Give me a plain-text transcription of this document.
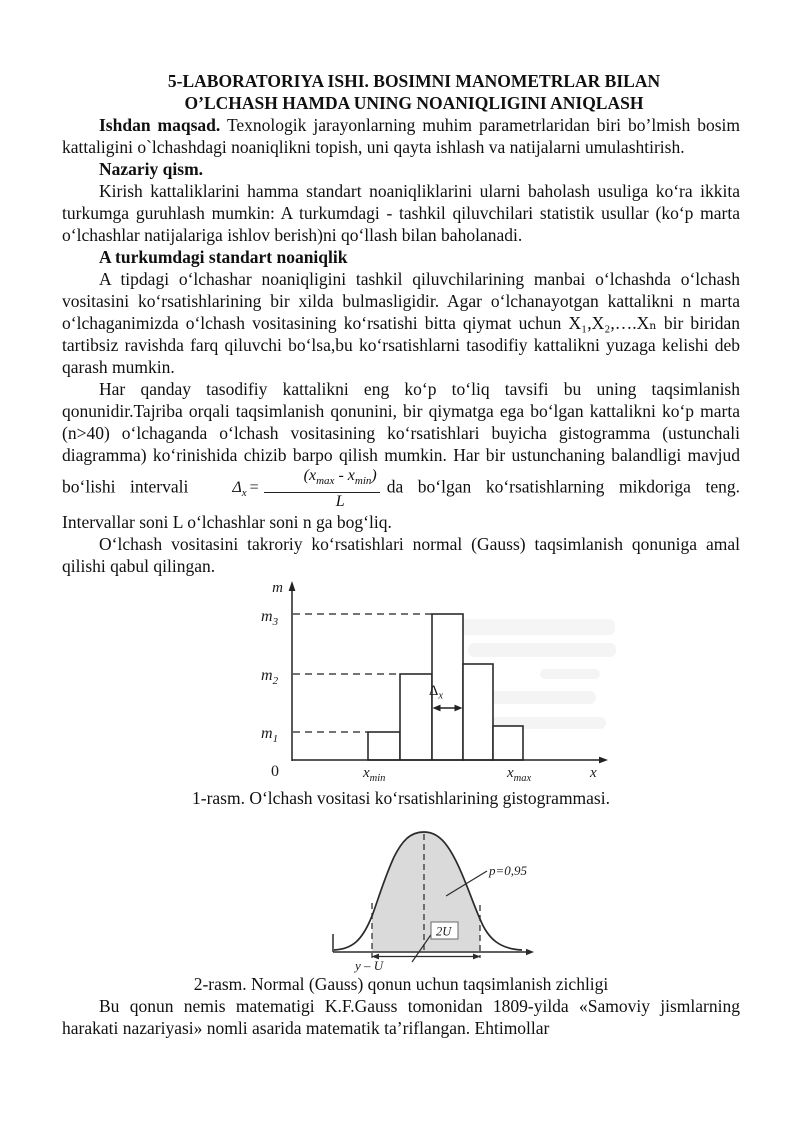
5-LABORATORIYA ISHI. BOSIMNI MANOMETRLAR BILAN
O’LCHASH HAMDA UNING NOANIQLIGINI ANIQLASH

Ishdan maqsad. Texnologik jarayonlarning muhim parametrlaridan biri bo’lmish bosim kattaligini o`lchashdagi noaniqlikni topish, uni qayta ishlash va natijalarni umulashtirish.

Nazariy qism.

Kirish kattaliklarini hamma standart noaniqliklarini ularni baholash usuliga ko‘ra ikkita turkumga guruhlash mumkin: A turkumdagi - tashkil qiluvchilari statistik usullar (ko‘p marta o‘lchashlar natijalariga ishlov berish)ni qo‘llash bilan baholanadi.

A turkumdagi standart noaniqlik

A tipdagi o‘lchashar noaniqligini tashkil qiluvchilarining manbai o‘lchashda o‘lchash vositasini ko‘rsatishlarining bir xilda bulmasligidir. Agar o‘lchanayotgan kattalikni n marta o‘lchaganimizda o‘lchash vositasining ko‘rsatishi bitta qiymat uchun X₁,X₂,….Xₙ bir biridan tartibsiz ravishda farq qiluvchi bo‘lsa,bu ko‘rsatishlarni tasodifiy kattalikni yuzaga kelishi deb qarash mumkin.

Har qanday tasodifiy kattalikni eng ko‘p to‘liq tavsifi bu uning taqsimlanish qonunidir.Tajriba orqali taqsimlanish qonunini, bir qiymatga ega bo‘lgan kattalikni ko‘p marta (n>40) o‘lchaganda o‘lchash vositasining ko‘rsatishlari buyicha gistogramma (ustunchali diagramma) ko‘rinishida chizib barpo qilish mumkin. Har bir ustunchaning balandligi mavjud bo‘lishi intervali	$\Delta_x = \frac{(x_{max} - x_{min})}{L}$ da bo‘lgan ko‘rsatishlarning mikdoriga teng. Intervallar soni L o‘lchashlar soni n ga bog‘liq.

O‘lchash vositasini takroriy ko‘rsatishlari normal (Gauss) taqsimlanish qonuniga amal qilishi qabul qilingan.

m
$m_3$
$m_2$
$m_1$
0	$x_{min}$	$x_{max}$	x
$\Delta_x$

1-rasm. O‘lchash vositasi ko‘rsatishlarining gistogrammasi.

2U
p=0,95
y – U

2-rasm. Normal (Gauss) qonun uchun taqsimlanish zichligi

Bu qonun nemis matematigi K.F.Gauss tomonidan 1809-yilda «Samoviy jismlarning harakati nazariyasi» nomli asarida matematik ta’riflangan. Ehtimollar
